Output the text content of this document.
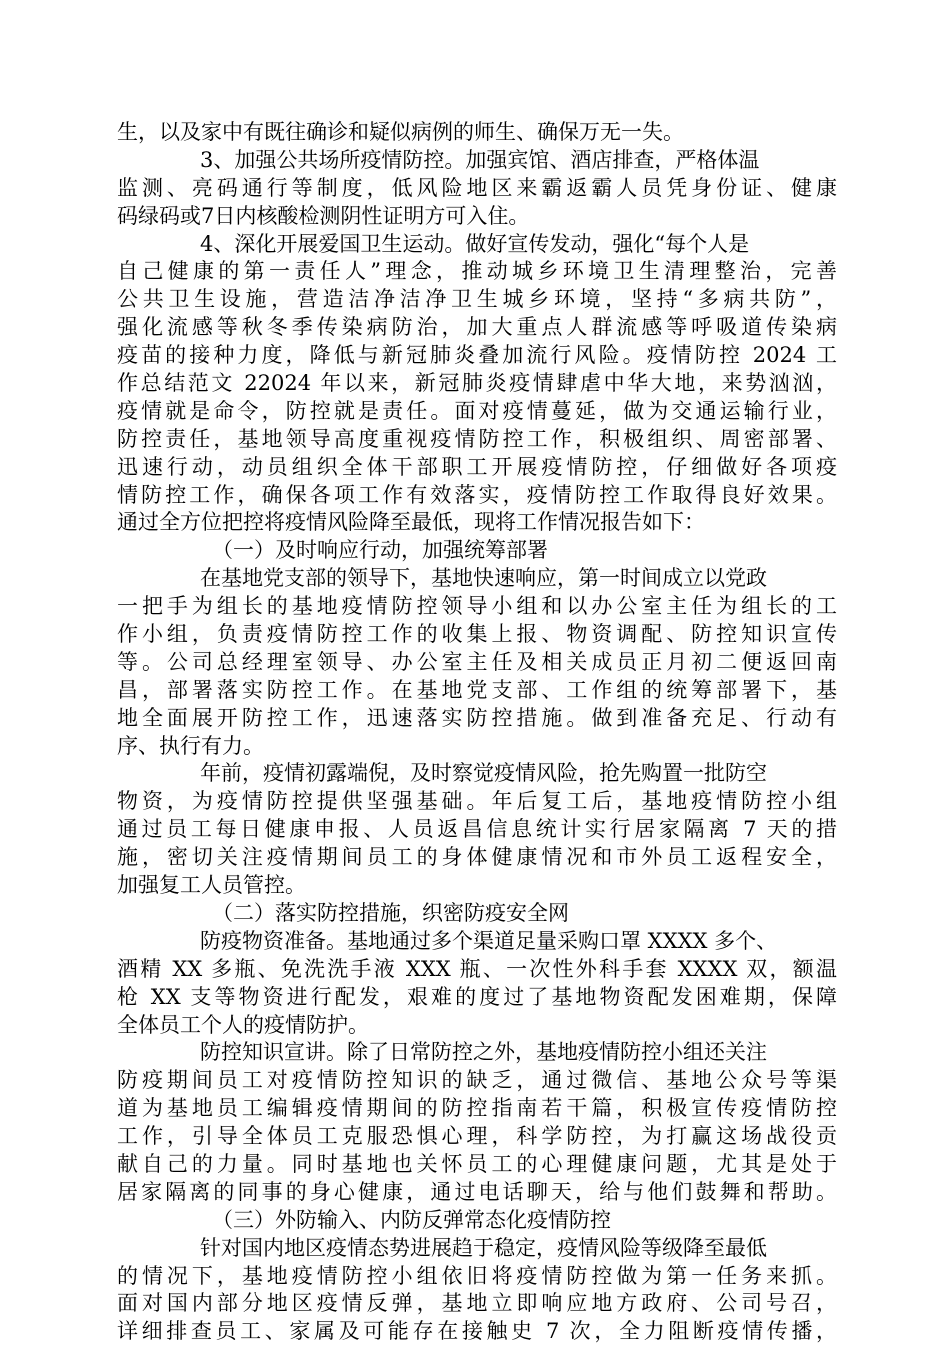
生，以及家中有既往确诊和疑似病例的师生、确保万无一失。
3、加强公共场所疫情防控。加强宾馆、酒店排查，严格体温
监测、亮码通行等制度，低风险地区来霸返霸人员凭身份证、健康
码绿码或7日内核酸检测阴性证明方可入住。
4、深化开展爱国卫生运动。做好宣传发动，强化“每个人是
自己健康的第一责任人”理念，推动城乡环境卫生清理整治，完善
公共卫生设施，营造洁净洁净卫生城乡环境，坚持“多病共防”，
强化流感等秋冬季传染病防治，加大重点人群流感等呼吸道传染病
疫苗的接种力度，降低与新冠肺炎叠加流行风险。疫情防控 2024 工
作总结范文 22024 年以来，新冠肺炎疫情肆虐中华大地，来势汹汹，
疫情就是命令，防控就是责任。面对疫情蔓延，做为交通运输行业，
防控责任，基地领导高度重视疫情防控工作，积极组织、周密部署、
迅速行动，动员组织全体干部职工开展疫情防控，仔细做好各项疫
情防控工作，确保各项工作有效落实，疫情防控工作取得良好效果。
通过全方位把控将疫情风险降至最低，现将工作情况报告如下：
（一）及时响应行动，加强统筹部署
在基地党支部的领导下，基地快速响应，第一时间成立以党政
一把手为组长的基地疫情防控领导小组和以办公室主任为组长的工
作小组，负责疫情防控工作的收集上报、物资调配、防控知识宣传
等。公司总经理室领导、办公室主任及相关成员正月初二便返回南
昌，部署落实防控工作。在基地党支部、工作组的统筹部署下，基
地全面展开防控工作，迅速落实防控措施。做到准备充足、行动有
序、执行有力。
年前，疫情初露端倪，及时察觉疫情风险，抢先购置一批防空
物资，为疫情防控提供坚强基础。年后复工后，基地疫情防控小组
通过员工每日健康申报、人员返昌信息统计实行居家隔离 7 天的措
施，密切关注疫情期间员工的身体健康情况和市外员工返程安全，
加强复工人员管控。
（二）落实防控措施，织密防疫安全网
防疫物资准备。基地通过多个渠道足量采购口罩 XXXX 多个、
酒精 XX 多瓶、免洗洗手液 XXX 瓶、一次性外科手套 XXXX 双，额温
枪 XX 支等物资进行配发，艰难的度过了基地物资配发困难期，保障
全体员工个人的疫情防护。
防控知识宣讲。除了日常防控之外，基地疫情防控小组还关注
防疫期间员工对疫情防控知识的缺乏，通过微信、基地公众号等渠
道为基地员工编辑疫情期间的防控指南若干篇，积极宣传疫情防控
工作，引导全体员工克服恐惧心理，科学防控，为打赢这场战役贡
献自己的力量。同时基地也关怀员工的心理健康问题，尤其是处于
居家隔离的同事的身心健康，通过电话聊天，给与他们鼓舞和帮助。
（三）外防输入、内防反弹常态化疫情防控
针对国内地区疫情态势进展趋于稳定，疫情风险等级降至最低
的情况下，基地疫情防控小组依旧将疫情防控做为第一任务来抓。
面对国内部分地区疫情反弹，基地立即响应地方政府、公司号召，
详细排查员工、家属及可能存在接触史 7 次，全力阻断疫情传播，
